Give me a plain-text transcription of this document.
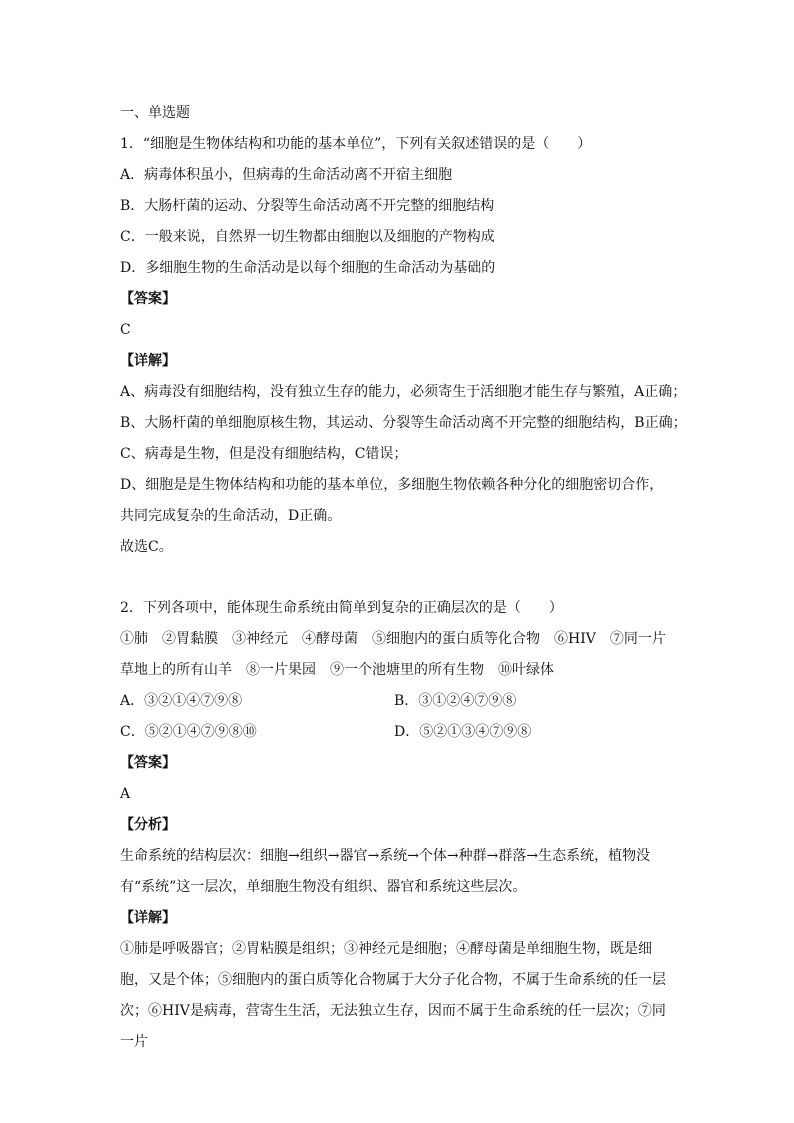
一、单选题
1．“细胞是生物体结构和功能的基本单位”，下列有关叙述错误的是（　　）
A．病毒体积虽小，但病毒的生命活动离不开宿主细胞
B．大肠杆菌的运动、分裂等生命活动离不开完整的细胞结构
C．一般来说，自然界一切生物都由细胞以及细胞的产物构成
D．多细胞生物的生命活动是以每个细胞的生命活动为基础的
【答案】
C
【详解】
A、病毒没有细胞结构，没有独立生存的能力，必须寄生于活细胞才能生存与繁殖，A正确；
B、大肠杆菌的单细胞原核生物，其运动、分裂等生命活动离不开完整的细胞结构，B正确；
C、病毒是生物，但是没有细胞结构，C错误；
D、细胞是是生物体结构和功能的基本单位，多细胞生物依赖各种分化的细胞密切合作，共同完成复杂的生命活动，D正确。
故选C。
2．下列各项中，能体现生命系统由简单到复杂的正确层次的是（　　）
①肺　②胃黏膜　③神经元　④酵母菌　⑤细胞内的蛋白质等化合物　⑥HIV　⑦同一片草地上的所有山羊　⑧一片果园　⑨一个池塘里的所有生物　⑩叶绿体
A．③②①④⑦⑨⑧	B．③①②④⑦⑨⑧
C．⑤②①④⑦⑨⑧⑩	D．⑤②①③④⑦⑨⑧
【答案】
A
【分析】
生命系统的结构层次：细胞→组织→器官→系统→个体→种群→群落→生态系统，植物没有“系统”这一层次，单细胞生物没有组织、器官和系统这些层次。
【详解】
①肺是呼吸器官；②胃粘膜是组织；③神经元是细胞；④酵母菌是单细胞生物，既是细胞，又是个体；⑤细胞内的蛋白质等化合物属于大分子化合物，不属于生命系统的任一层次；⑥HIV是病毒，营寄生生活，无法独立生存，因而不属于生命系统的任一层次；⑦同一片
